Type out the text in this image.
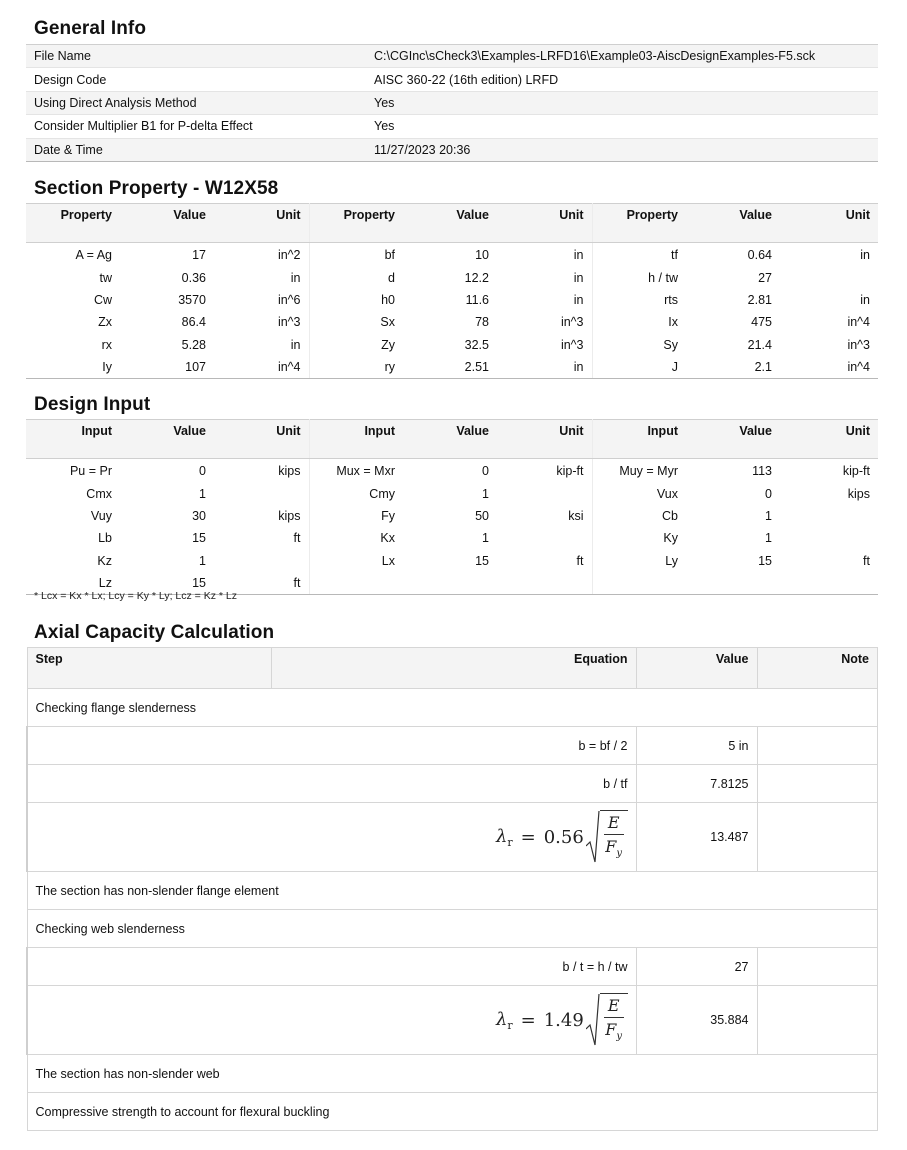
General Info
File Name	C:\CGInc\sCheck3\Examples-LRFD16\Example03-AiscDesignExamples-F5.sck
Design Code	AISC 360-22 (16th edition) LRFD
Using Direct Analysis Method	Yes
Consider Multiplier B1 for P-delta Effect	Yes
Date & Time	11/27/2023 20:36
Section Property - W12X58
Property	Value	Unit	Property	Value	Unit	Property	Value	Unit

A = Ag	17	in^2	bf	10	in	tf	0.64	in
tw	0.36	in	d	12.2	in	h / tw	27	
Cw	3570	in^6	h0	11.6	in	rts	2.81	in
Zx	86.4	in^3	Sx	78	in^3	Ix	475	in^4
rx	5.28	in	Zy	32.5	in^3	Sy	21.4	in^3
Iy	107	in^4	ry	2.51	in	J	2.1	in^4
Design Input
Input	Value	Unit	Input	Value	Unit	Input	Value	Unit

Pu = Pr	0	kips	Mux = Mxr	0	kip-ft	Muy = Myr	113	kip-ft
Cmx	1		Cmy	1		Vux	0	kips
Vuy	30	kips	Fy	50	ksi	Cb	1	
Lb	15	ft	Kx	1		Ky	1	
Kz	1		Lx	15	ft	Ly	15	ft
Lz	15	ft						
* Lcx = Kx * Lx; Lcy = Ky * Ly; Lcz = Kz * Lz
Axial Capacity Calculation
Step	Equation	Value	Note
Checking flange slenderness			
b = bf / 2		5 in	
b / tf		7.8125	

$\lambda_r = 0.56 \frac{E}{F_y}$		13.487	
The section has non-slender flange element			
Checking web slenderness			
b / t = h / tw		27	

$\lambda_r = 1.49 \frac{E}{F_y}$		35.884	
The section has non-slender web			
Compressive strength to account for flexural buckling			
